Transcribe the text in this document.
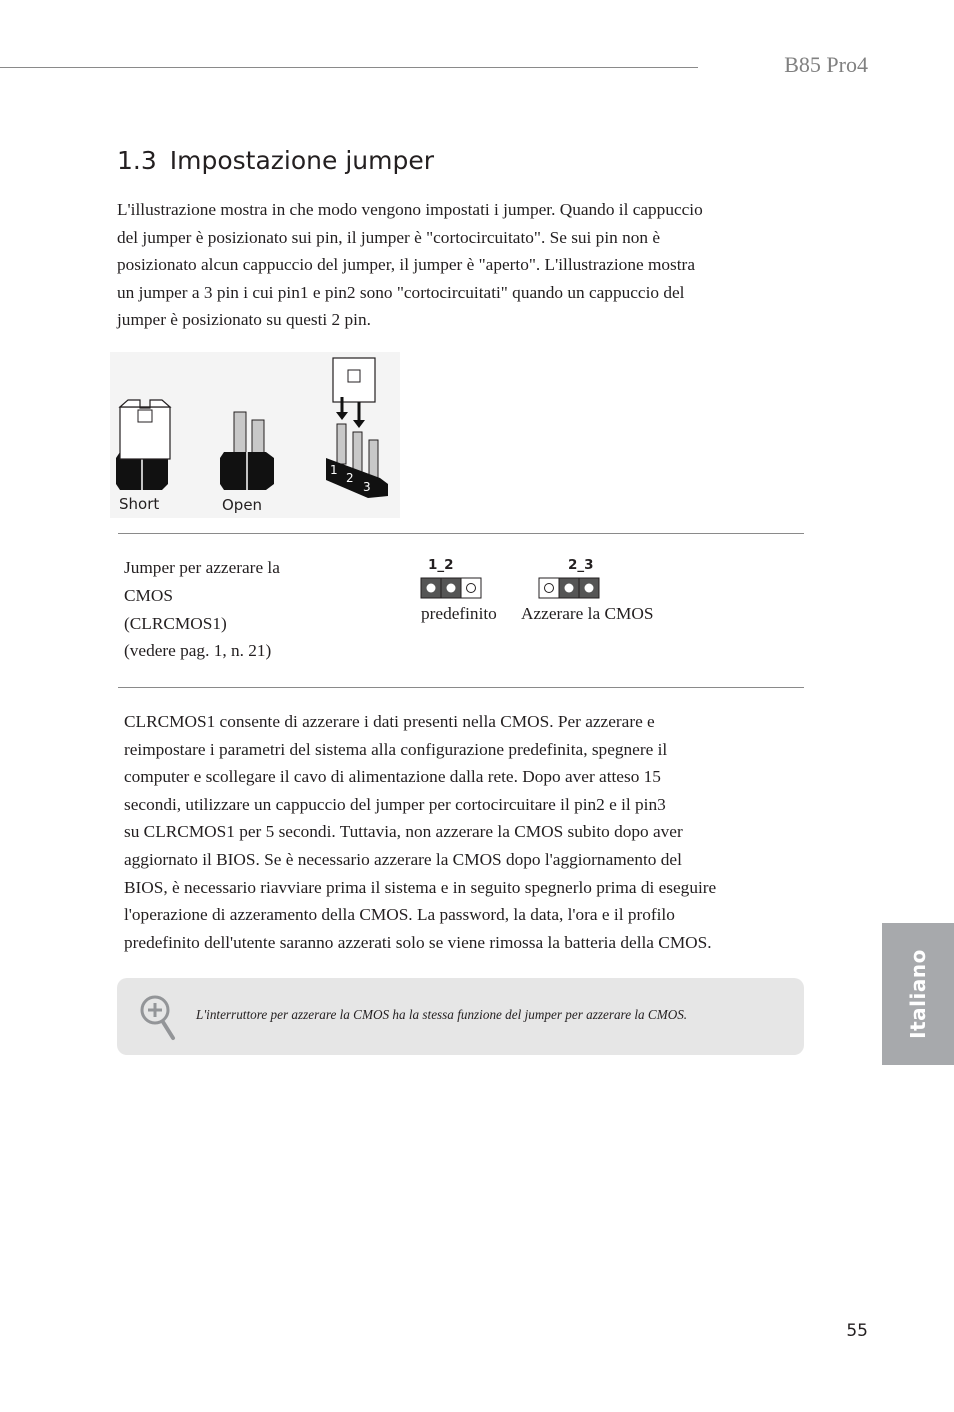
B85 Pro4
1.3 Impostazione jumper

L'illustrazione mostra in che modo vengono impostati i jumper. Quando il cappuccio
del jumper è posizionato sui pin, il jumper è "cortocircuitato". Se sui pin non è
posizionato alcun cappuccio del jumper, il jumper è "aperto". L'illustrazione mostra
un jumper a 3 pin i cui pin1 e pin2 sono "cortocircuitati" quando un cappuccio del
jumper è posizionato su questi 2 pin.

1
2
3
Short	Open
Jumper per azzerare la
CMOS
(CLRCMOS1)
(vedere pag. 1, n. 21)
1_2
predefinito
2_3
Azzerare la CMOS

CLRCMOS1 consente di azzerare i dati presenti nella CMOS. Per azzerare e
reimpostare i parametri del sistema alla configurazione predefinita, spegnere il
computer e scollegare il cavo di alimentazione dalla rete. Dopo aver atteso 15
secondi, utilizzare un cappuccio del jumper per cortocircuitare il pin2 e il pin3
su CLRCMOS1 per 5 secondi. Tuttavia, non azzerare la CMOS subito dopo aver
aggiornato il BIOS. Se è necessario azzerare la CMOS dopo l'aggiornamento del
BIOS, è necessario riavviare prima il sistema e in seguito spegnerlo prima di eseguire
l'operazione di azzeramento della CMOS. La password, la data, l'ora e il profilo
predefinito dell'utente saranno azzerati solo se viene rimossa la batteria della CMOS.

L'interruttore per azzerare la CMOS ha la stessa funzione del jumper per azzerare la CMOS.	Italiano
55
